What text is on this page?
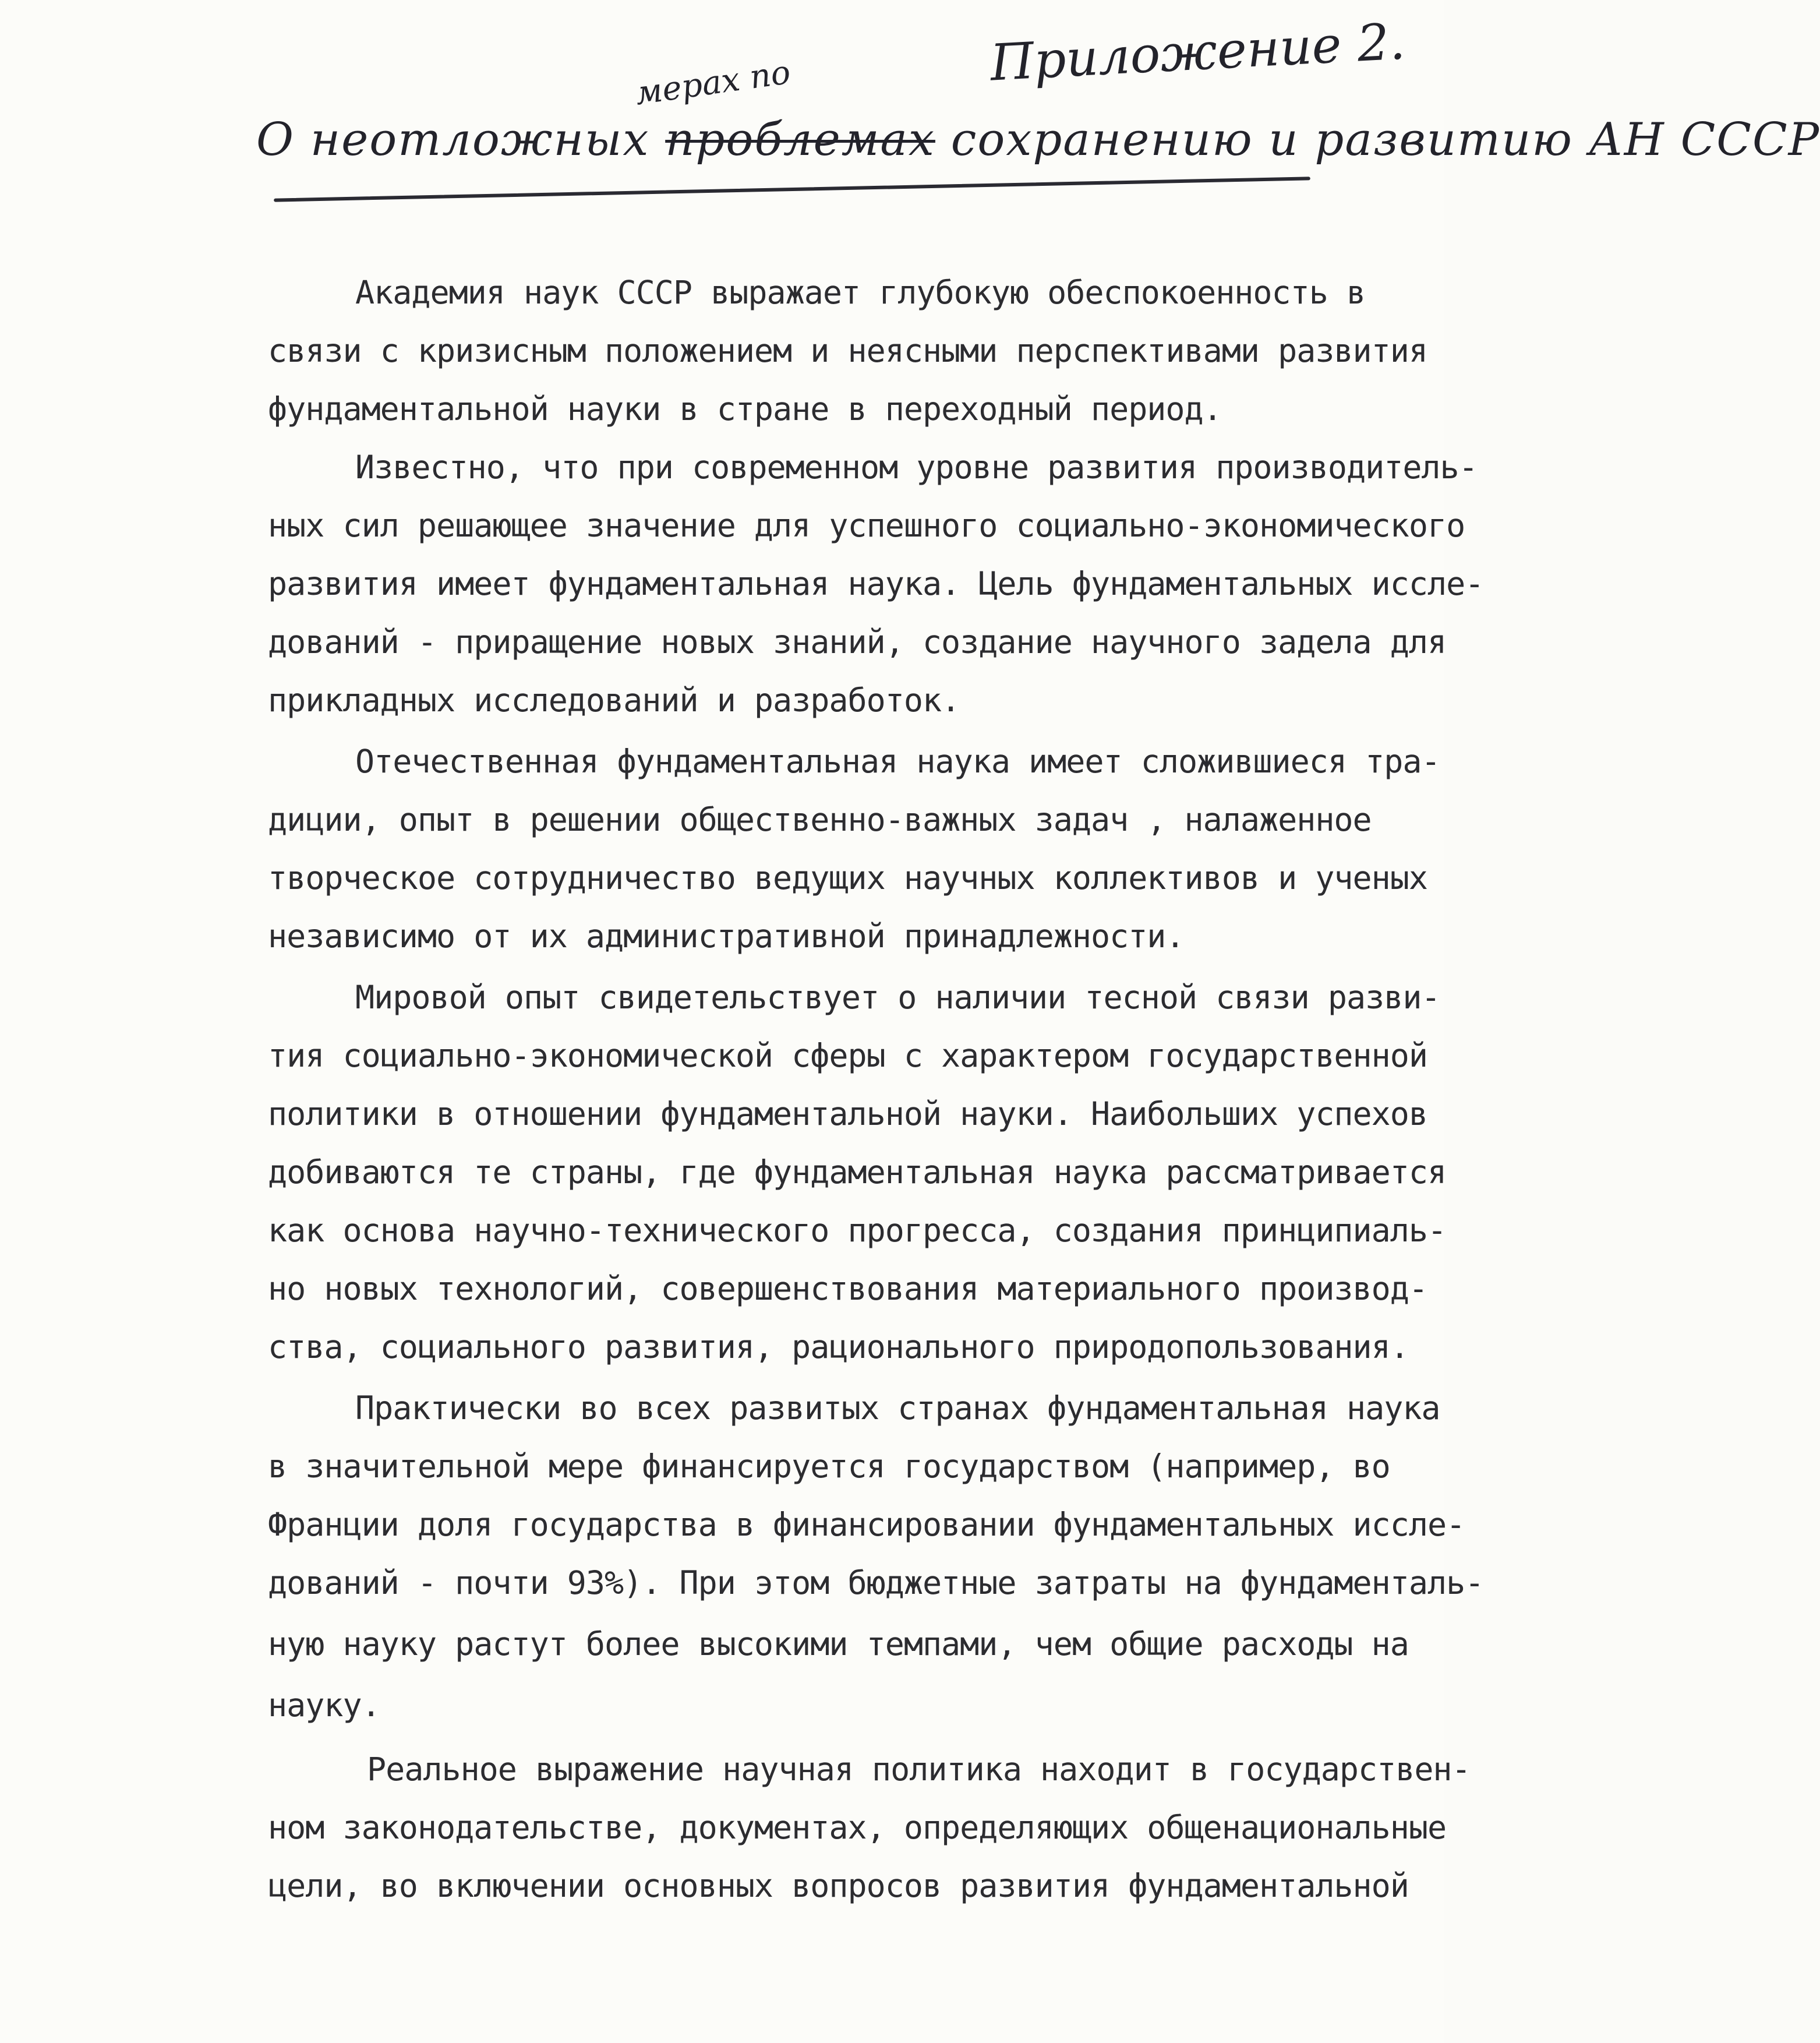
Приложение 2.
мерах по
О неотложных проблемах сохранению и развитию АН СССР
Академия наук СССР выражает глубокую обеспокоенность в
связи с кризисным положением и неясными перспективами развития
фундаментальной науки в стране в переходный период.
Известно, что при современном уровне развития производитель-
ных сил решающее значение для успешного социально-экономического
развития имеет фундаментальная наука. Цель фундаментальных иссле-
дований - приращение новых знаний, создание научного задела для
прикладных исследований и разработок.
Отечественная фундаментальная наука имеет сложившиеся тра-
диции, опыт в решении общественно-важных задач , налаженное
творческое сотрудничество ведущих научных коллективов и ученых
независимо от их административной принадлежности.
Мировой опыт свидетельствует о наличии тесной связи разви-
тия социально-экономической сферы с характером государственной
политики в отношении фундаментальной науки. Наибольших успехов
добиваются те страны, где фундаментальная наука рассматривается
как основа научно-технического прогресса, создания принципиаль-
но новых технологий, совершенствования материального производ-
ства, социального развития, рационального природопользования.
Практически во всех развитых странах фундаментальная наука
в значительной мере финансируется государством (например, во
Франции доля государства в финансировании фундаментальных иссле-
дований - почти 93%). При этом бюджетные затраты на фундаменталь-
ную науку растут более высокими темпами, чем общие расходы на
науку.
Реальное выражение научная политика находит в государствен-
ном законодательстве, документах, определяющих общенациональные
цели, во включении основных вопросов развития фундаментальной
